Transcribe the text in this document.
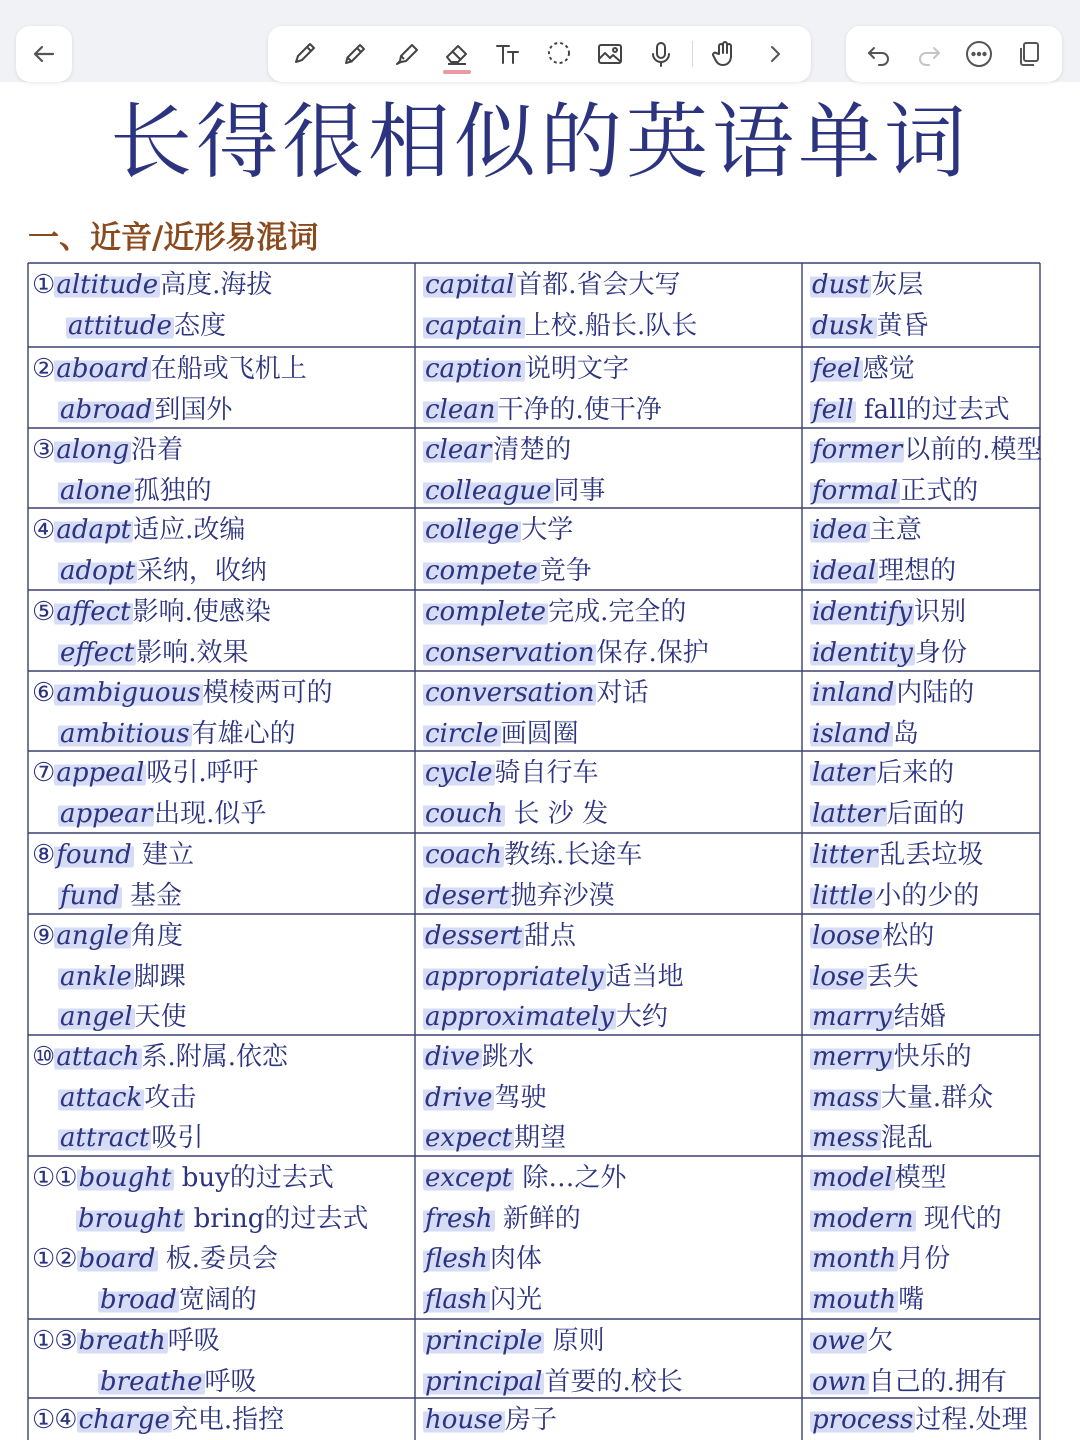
长得很相似的英语单词
一、近音/近形易混词
①altitude高度.海拔
attitude态度
②aboard在船或飞机上
abroad到国外
③along沿着
alone孤独的
④adapt适应.改编
adopt采纳，收纳
⑤affect影响.使感染
effect影响.效果
⑥ambiguous模棱两可的
ambitious有雄心的
⑦appeal吸引.呼吁
appear出现.似乎
⑧found 建立
fund 基金
⑨angle角度
ankle脚踝
angel天使
⑩attach系.附属.依恋
attack攻击
attract吸引
①①bought buy的过去式
brought bring的过去式
①②board 板.委员会
broad宽阔的
①③breath呼吸
breathe呼吸
①④charge充电.指控
capital首都.省会大写
captain上校.船长.队长
caption说明文字
clean干净的.使干净
clear清楚的
colleague同事
college大学
compete竞争
complete完成.完全的
conservation保存.保护
conversation对话
circle画圆圈
cycle骑自行车
couch 长 沙 发
coach教练.长途车
desert抛弃沙漠
dessert甜点
appropriately适当地
approximately大约
dive跳水
drive驾驶
expect期望
except 除…之外
fresh 新鲜的
flesh肉体
flash闪光
principle 原则
principal首要的.校长
house房子
dust灰层
dusk黄昏
feel感觉
fell fall的过去式
former以前的.模型
formal正式的
idea主意
ideal理想的
identify识别
identity身份
inland内陆的
island岛
later后来的
latter后面的
litter乱丢垃圾
little小的少的
loose松的
lose丢失
marry结婚
merry快乐的
mass大量.群众
mess混乱
model模型
modern 现代的
month月份
mouth嘴
owe欠
own自己的.拥有
process过程.处理
